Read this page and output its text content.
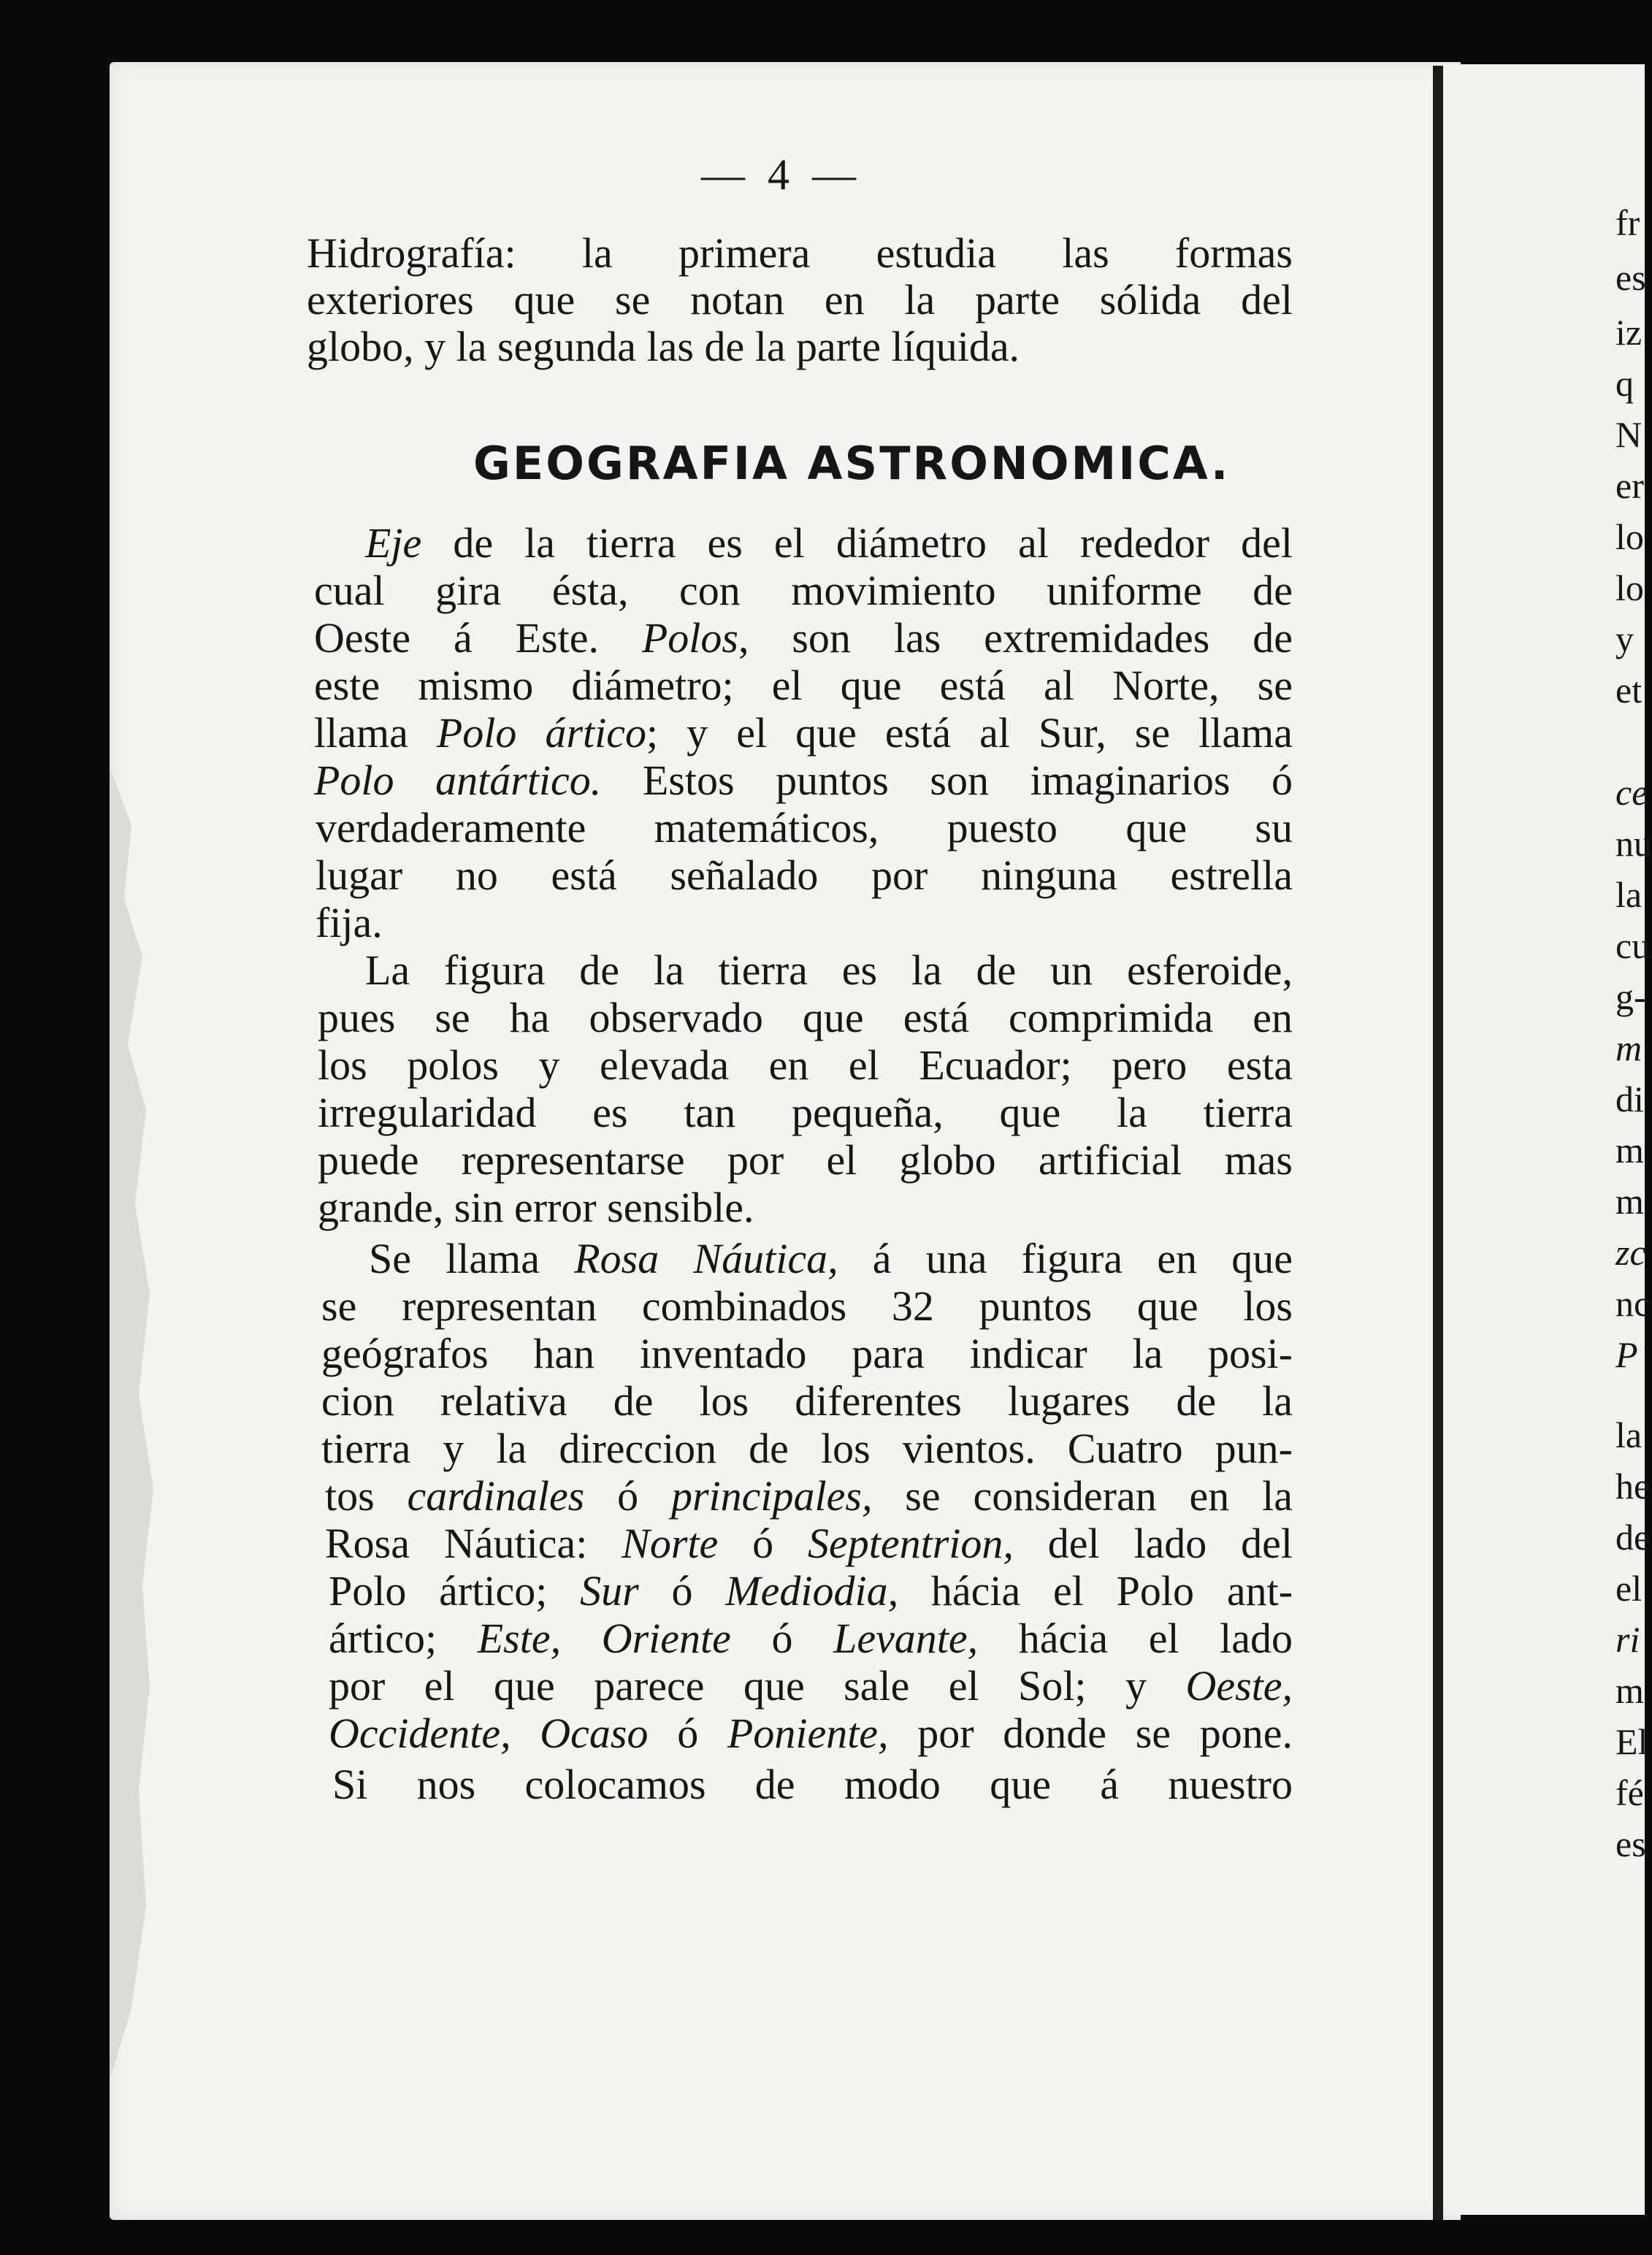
fr
es
iz
q
N
er
lo
lo
y
et
ce
nu
la
cu
g-
m
di
m
m
zc
nc
P
la
he
de
el
ri
m
El
fé
es
— 4 —
GEOGRAFIA ASTRONOMICA.
Hidrografía: la primera estudia las formas
exteriores que se notan en la parte sólida del
globo, y la segunda las de la parte líquida.
Eje de la tierra es el diámetro al rededor del
cual gira ésta, con movimiento uniforme de
Oeste á Este. Polos, son las extremidades de
este mismo diámetro; el que está al Norte, se
llama Polo ártico; y el que está al Sur, se llama
Polo antártico. Estos puntos son imaginarios ó
verdaderamente matemáticos, puesto que su
lugar no está señalado por ninguna estrella
fija.
La figura de la tierra es la de un esferoide,
pues se ha observado que está comprimida en
los polos y elevada en el Ecuador; pero esta
irregularidad es tan pequeña, que la tierra
puede representarse por el globo artificial mas
grande, sin error sensible.
Se llama Rosa Náutica, á una figura en que
se representan combinados 32 puntos que los
geógrafos han inventado para indicar la posi-
cion relativa de los diferentes lugares de la
tierra y la direccion de los vientos. Cuatro pun-
tos cardinales ó principales, se consideran en la
Rosa Náutica: Norte ó Septentrion, del lado del
Polo ártico; Sur ó Mediodia, hácia el Polo ant-
ártico; Este, Oriente ó Levante, hácia el lado
por el que parece que sale el Sol; y Oeste,
Occidente, Ocaso ó Poniente, por donde se pone.
Si nos colocamos de modo que á nuestro
